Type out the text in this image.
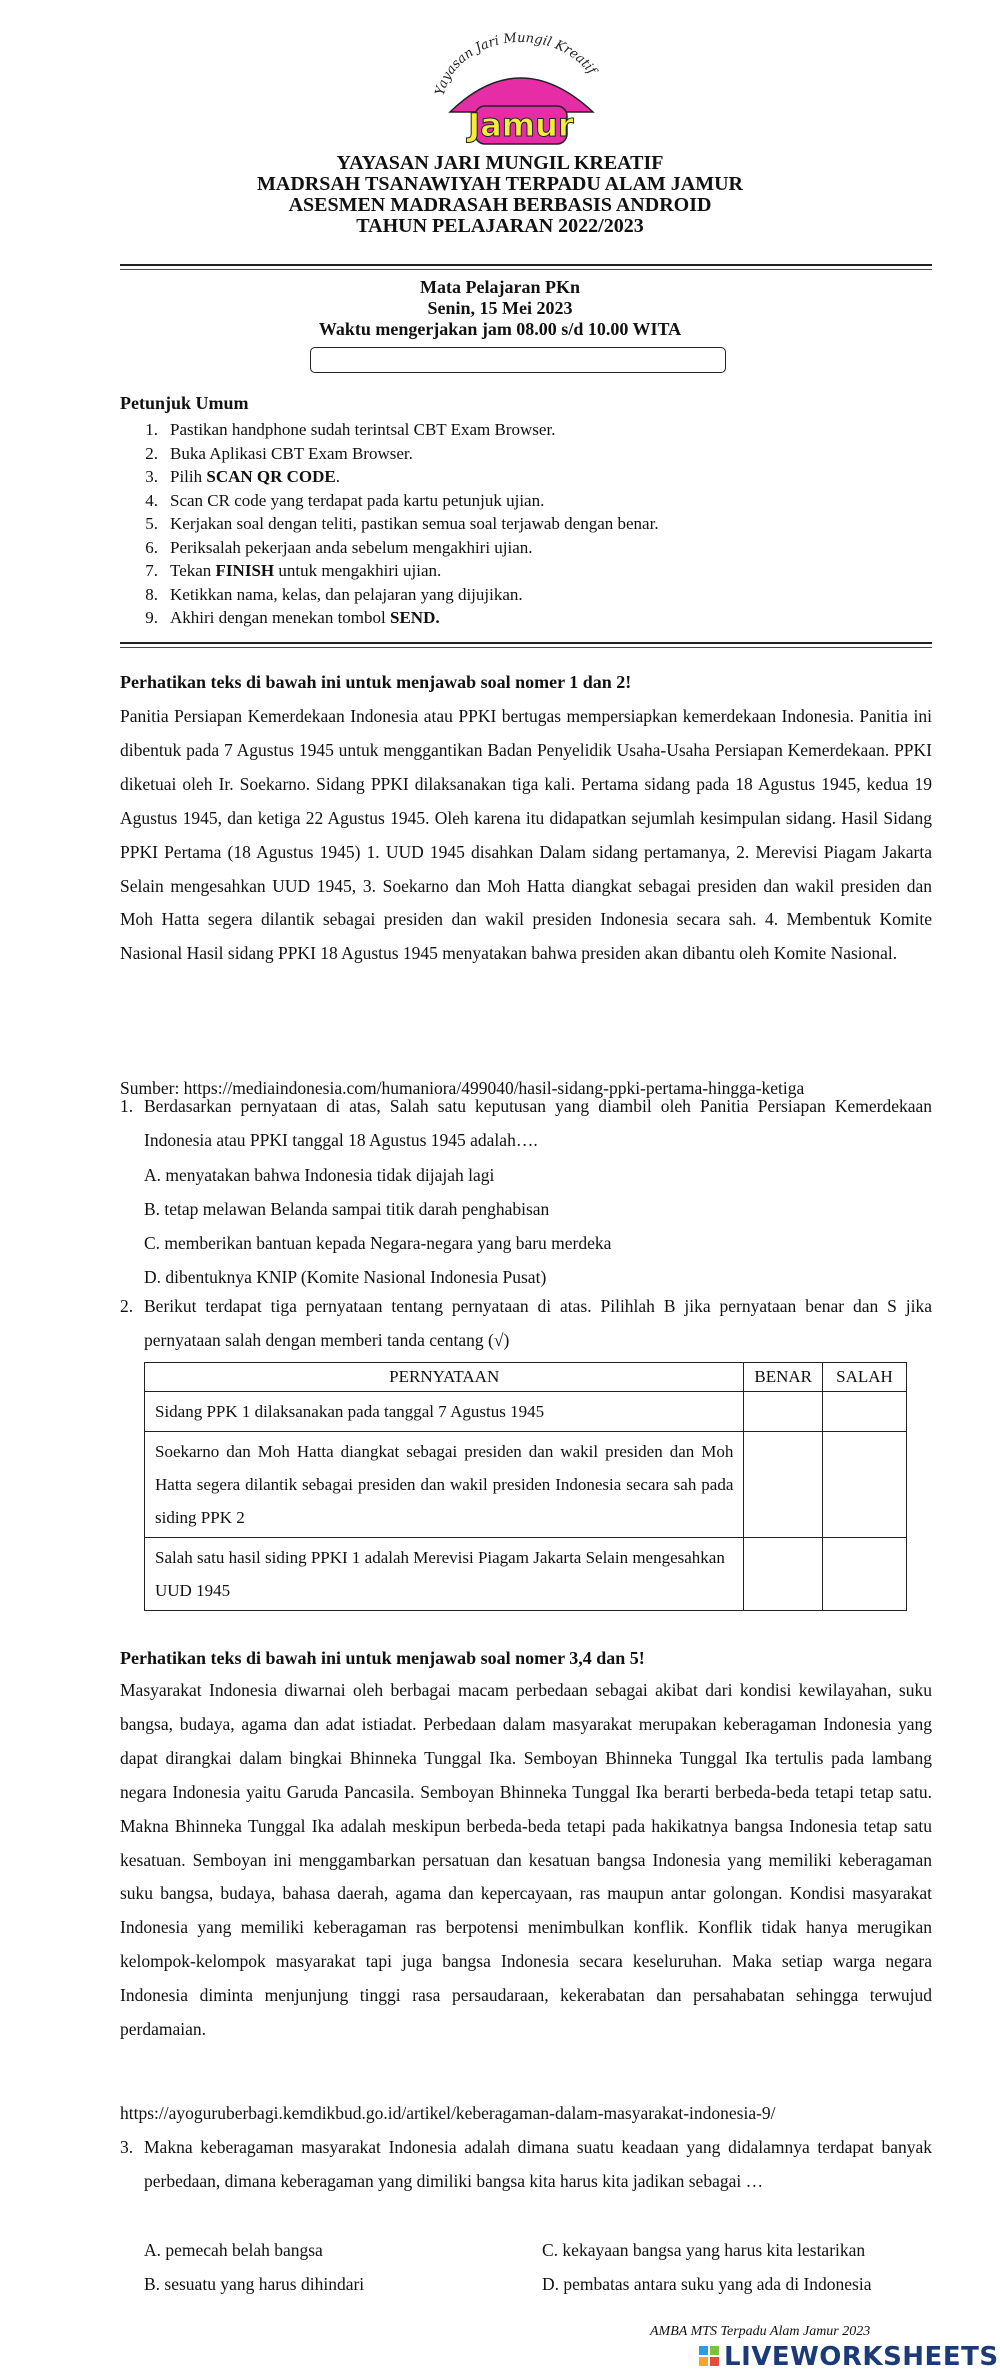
Yayasan Jari Mungil Kreatif
Jamur
YAYASAN JARI MUNGIL KREATIF
MADRSAH TSANAWIYAH TERPADU ALAM JAMUR
ASESMEN MADRASAH BERBASIS ANDROID
TAHUN PELAJARAN 2022/2023
Mata Pelajaran PKn
Senin, 15 Mei 2023
Waktu mengerjakan jam 08.00 s/d 10.00 WITA
Petunjuk Umum
1. Pastikan handphone sudah terintsal CBT Exam Browser.
2. Buka Aplikasi CBT Exam Browser.
3. Pilih SCAN QR CODE.
4. Scan CR code yang terdapat pada kartu petunjuk ujian.
5. Kerjakan soal dengan teliti, pastikan semua soal terjawab dengan benar.
6. Periksalah pekerjaan anda sebelum mengakhiri ujian.
7. Tekan FINISH untuk mengakhiri ujian.
8. Ketikkan nama, kelas, dan pelajaran yang dijujikan.
9. Akhiri dengan menekan tombol SEND.
Perhatikan teks di bawah ini untuk menjawab soal nomer 1 dan 2!
Panitia Persiapan Kemerdekaan Indonesia atau PPKI bertugas mempersiapkan kemerdekaan Indonesia. Panitia ini dibentuk pada 7 Agustus 1945 untuk menggantikan Badan Penyelidik Usaha-Usaha Persiapan Kemerdekaan. PPKI diketuai oleh Ir. Soekarno. Sidang PPKI dilaksanakan tiga kali. Pertama sidang pada 18 Agustus 1945, kedua 19 Agustus 1945, dan ketiga 22 Agustus 1945. Oleh karena itu didapatkan sejumlah kesimpulan sidang. Hasil Sidang PPKI Pertama (18 Agustus 1945) 1. UUD 1945 disahkan Dalam sidang pertamanya, 2. Merevisi Piagam Jakarta Selain mengesahkan UUD 1945, 3. Soekarno dan Moh Hatta diangkat sebagai presiden dan wakil presiden dan Moh Hatta segera dilantik sebagai presiden dan wakil presiden Indonesia secara sah. 4. Membentuk Komite Nasional Hasil sidang PPKI 18 Agustus 1945 menyatakan bahwa presiden akan dibantu oleh Komite Nasional.
Sumber: https://mediaindonesia.com/humaniora/499040/hasil-sidang-ppki-pertama-hingga-ketiga
1. Berdasarkan pernyataan di atas, Salah satu keputusan yang diambil oleh Panitia Persiapan Kemerdekaan Indonesia atau PPKI tanggal 18 Agustus 1945 adalah….
A. menyatakan bahwa Indonesia tidak dijajah lagi
B. tetap melawan Belanda sampai titik darah penghabisan
C. memberikan bantuan kepada Negara-negara yang baru merdeka
D. dibentuknya KNIP (Komite Nasional Indonesia Pusat)
2. Berikut terdapat tiga pernyataan tentang pernyataan di atas. Pilihlah B jika pernyataan benar dan S jika pernyataan salah dengan memberi tanda centang (√)
PERNYATAAN	BENAR	SALAH
Sidang PPK 1 dilaksanakan pada tanggal 7 Agustus 1945		
Soekarno dan Moh Hatta diangkat sebagai presiden dan wakil presiden dan Moh Hatta segera dilantik sebagai presiden dan wakil presiden Indonesia secara sah pada siding PPK 2		
Salah satu hasil siding PPKI 1 adalah Merevisi Piagam Jakarta Selain mengesahkan UUD 1945		
Perhatikan teks di bawah ini untuk menjawab soal nomer 3,4 dan 5!
Masyarakat Indonesia diwarnai oleh berbagai macam perbedaan sebagai akibat dari kondisi kewilayahan, suku bangsa, budaya, agama dan adat istiadat. Perbedaan dalam masyarakat merupakan keberagaman Indonesia yang dapat dirangkai dalam bingkai Bhinneka Tunggal Ika. Semboyan Bhinneka Tunggal Ika tertulis pada lambang negara Indonesia yaitu Garuda Pancasila. Semboyan Bhinneka Tunggal Ika berarti berbeda-beda tetapi tetap satu. Makna Bhinneka Tunggal Ika adalah meskipun berbeda-beda tetapi pada hakikatnya bangsa Indonesia tetap satu kesatuan. Semboyan ini menggambarkan persatuan dan kesatuan bangsa Indonesia yang memiliki keberagaman suku bangsa, budaya, bahasa daerah, agama dan kepercayaan, ras maupun antar golongan. Kondisi masyarakat Indonesia yang memiliki keberagaman ras berpotensi menimbulkan konflik. Konflik tidak hanya merugikan kelompok-kelompok masyarakat tapi juga bangsa Indonesia secara keseluruhan. Maka setiap warga negara Indonesia diminta menjunjung tinggi rasa persaudaraan, kekerabatan dan persahabatan sehingga terwujud perdamaian.
https://ayoguruberbagi.kemdikbud.go.id/artikel/keberagaman-dalam-masyarakat-indonesia-9/
3. Makna keberagaman masyarakat Indonesia adalah dimana suatu keadaan yang didalamnya terdapat banyak perbedaan, dimana keberagaman yang dimiliki bangsa kita harus kita jadikan sebagai …
A. pemecah belah bangsa	C. kekayaan bangsa yang harus kita lestarikan
B. sesuatu yang harus dihindari	D. pembatas antara suku yang ada di Indonesia
AMBA MTS Terpadu Alam Jamur 2023
LIVEWORKSHEETS
